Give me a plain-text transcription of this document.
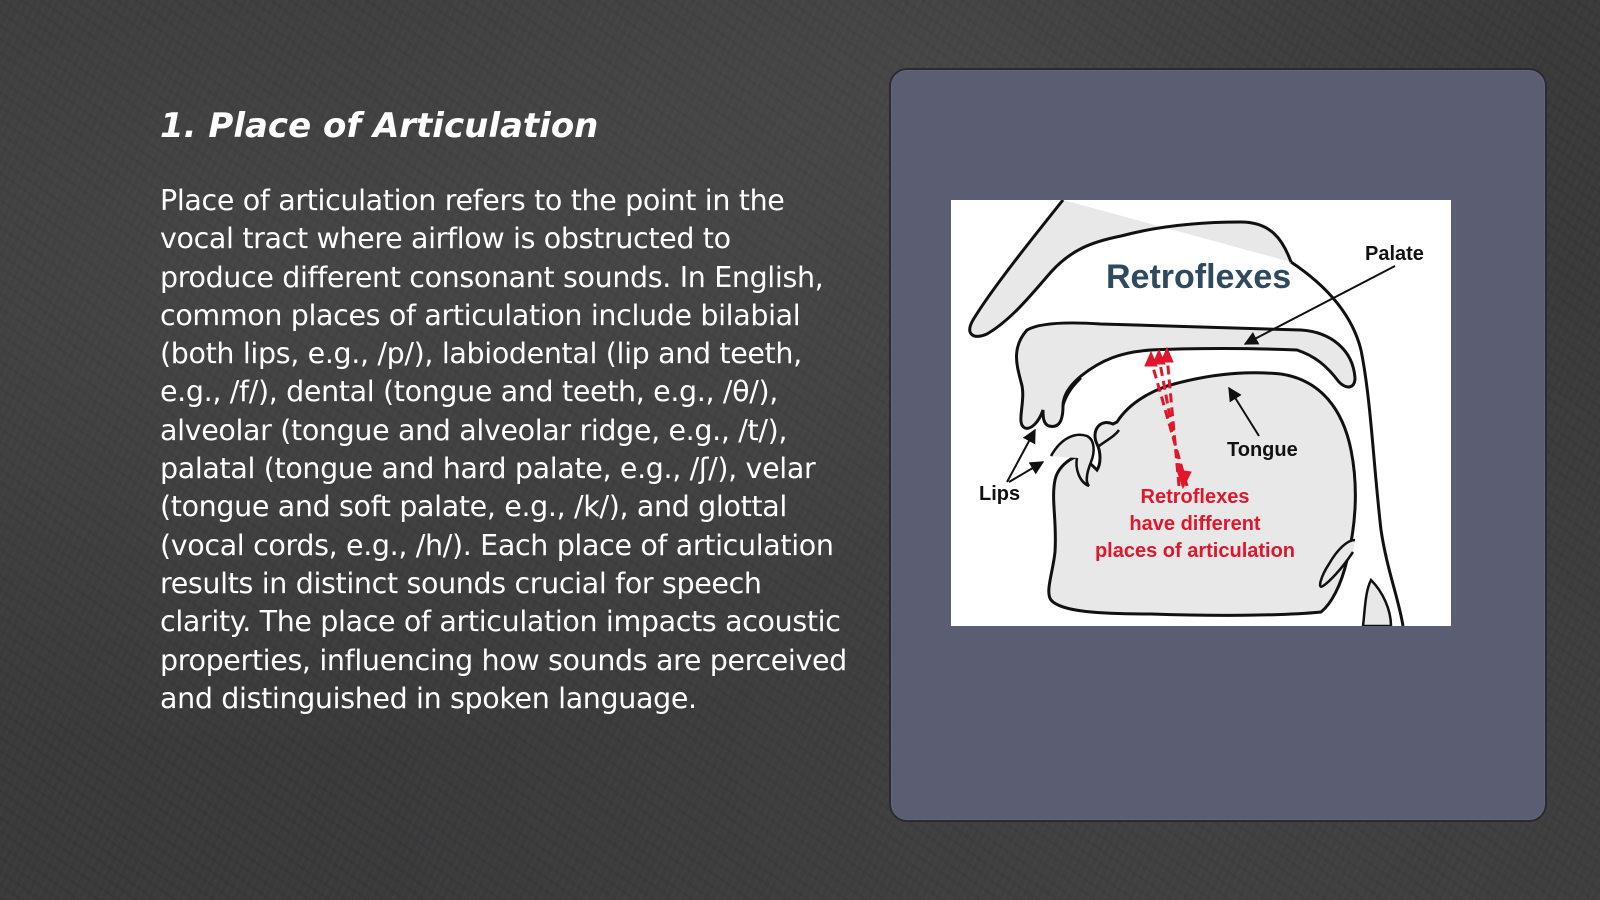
1. Place of Articulation

Place of articulation refers to the point in the vocal tract where airflow is obstructed to produce different consonant sounds. In English, common places of articulation include bilabial (both lips, e.g., /p/), labiodental (lip and teeth, e.g., /f/), dental (tongue and teeth, e.g., /θ/), alveolar (tongue and alveolar ridge, e.g., /t/), palatal (tongue and hard palate, e.g., /ʃ/), velar (tongue and soft palate, e.g., /k/), and glottal (vocal cords, e.g., /h/). Each place of articulation results in distinct sounds crucial for speech clarity. The place of articulation impacts acoustic properties, influencing how sounds are perceived and distinguished in spoken language.

Retroflexes
Palate
Tongue
Lips	Retroflexes
have different
places of articulation
